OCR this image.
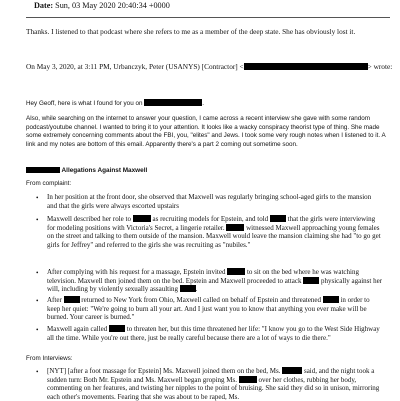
Date: Sun, 03 May 2020 20:40:34 +0000
Thanks. I listened to that podcast where she refers to me as a member of the deep state. She has obviously lost it.
On May 3, 2020, at 3:11 PM, Urbanczyk, Peter (USANYS) [Contractor] <	> wrote:
Hey Geoff, here is what I found for you on	.
Also, while searching on the internet to answer your question, I came across a recent interview she gave with some random podcast/youtube channel. I wanted to bring it to your attention. It looks like a wacky conspiracy theorist type of thing. She made some extremely concerning comments about the FBI, you, "elites" and Jews. I took some very rough notes when I listened to it. A link and my notes are bottom of this email. Apparently there's a part 2 coming out sometime soon.
Allegations Against Maxwell
From complaint:
• In her position at the front door, she observed that Maxwell was regularly bringing school-aged girls to the mansion and that the girls were always escorted upstairs
• Maxwell described her role to	as recruiting models for Epstein, and told	that the girls were interviewing for modeling positions with Victoria's Secret, a lingerie retailer.	witnessed Maxwell approaching young females on the street and talking to them outside of the mansion. Maxwell would leave the mansion claiming she had "to go get girls for Jeffrey" and referred to the girls she was recruiting as "nubiles."
• After complying with his request for a massage, Epstein invited	to sit on the bed where he was watching television. Maxwell then joined them on the bed. Epstein and Maxwell proceeded to attack	physically against her will, including by violently sexually assaulting	.
• After	returned to New York from Ohio, Maxwell called on behalf of Epstein and threatened	in order to keep her quiet: "We're going to burn all your art. And I just want you to know that anything you ever make will be burned. Your career is burned."
• Maxwell again called	to threaten her, but this time threatened her life: "I know you go to the West Side Highway all the time. While you're out there, just be really careful because there are a lot of ways to die there."
From Interviews:
• [NYT] [after a foot massage for Epstein] Ms. Maxwell joined them on the bed, Ms.	said, and the night took a sudden turn: Both Mr. Epstein and Ms. Maxwell began groping Ms.	over her clothes, rubbing her body, commenting on her features, and twisting her nipples to the point of bruising. She said they did so in unison, mirroring each other's movements. Fearing that she was about to be raped, Ms.
